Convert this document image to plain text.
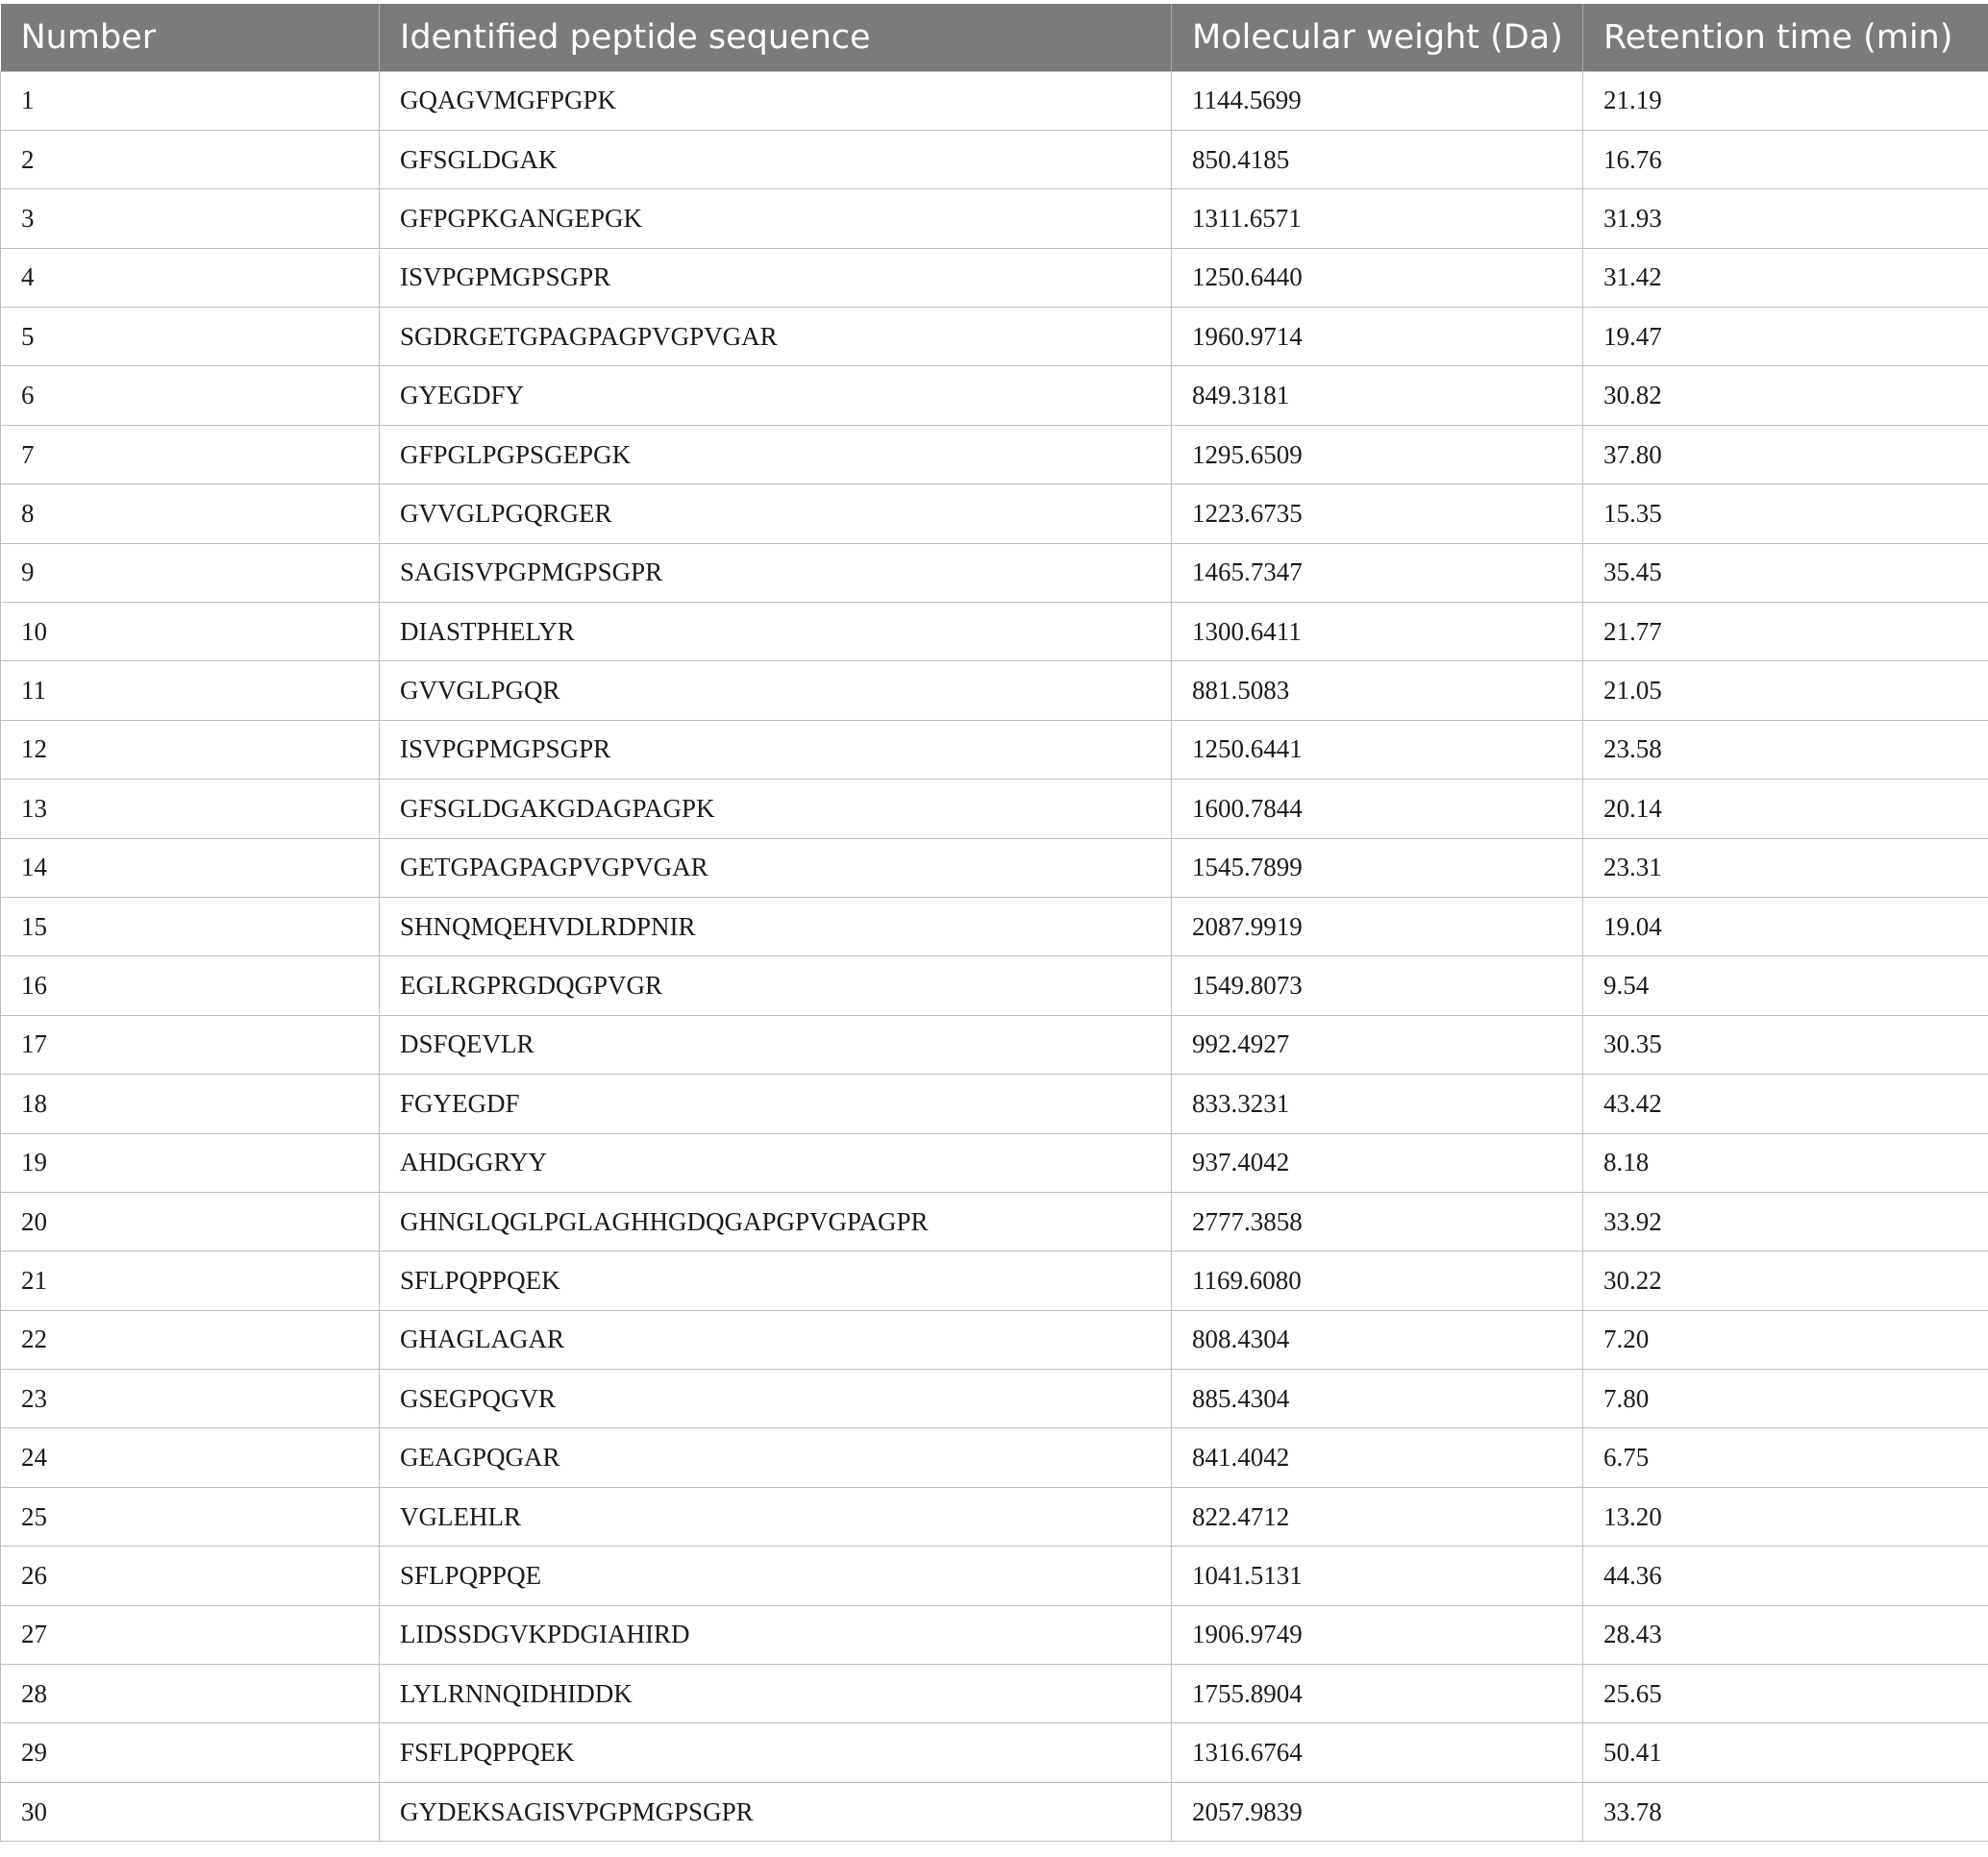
Number	Identified peptide sequence	Molecular weight (Da)	Retention time (min)
1	GQAGVMGFPGPK	1144.5699	21.19
2	GFSGLDGAK	850.4185	16.76
3	GFPGPKGANGEPGK	1311.6571	31.93
4	ISVPGPMGPSGPR	1250.6440	31.42
5	SGDRGETGPAGPAGPVGPVGAR	1960.9714	19.47
6	GYEGDFY	849.3181	30.82
7	GFPGLPGPSGEPGK	1295.6509	37.80
8	GVVGLPGQRGER	1223.6735	15.35
9	SAGISVPGPMGPSGPR	1465.7347	35.45
10	DIASTPHELYR	1300.6411	21.77
11	GVVGLPGQR	881.5083	21.05
12	ISVPGPMGPSGPR	1250.6441	23.58
13	GFSGLDGAKGDAGPAGPK	1600.7844	20.14
14	GETGPAGPAGPVGPVGAR	1545.7899	23.31
15	SHNQMQEHVDLRDPNIR	2087.9919	19.04
16	EGLRGPRGDQGPVGR	1549.8073	9.54
17	DSFQEVLR	992.4927	30.35
18	FGYEGDF	833.3231	43.42
19	AHDGGRYY	937.4042	8.18
20	GHNGLQGLPGLAGHHGDQGAPGPVGPAGPR	2777.3858	33.92
21	SFLPQPPQEK	1169.6080	30.22
22	GHAGLAGAR	808.4304	7.20
23	GSEGPQGVR	885.4304	7.80
24	GEAGPQGAR	841.4042	6.75
25	VGLEHLR	822.4712	13.20
26	SFLPQPPQE	1041.5131	44.36
27	LIDSSDGVKPDGIAHIRD	1906.9749	28.43
28	LYLRNNQIDHIDDK	1755.8904	25.65
29	FSFLPQPPQEK	1316.6764	50.41
30	GYDEKSAGISVPGPMGPSGPR	2057.9839	33.78
